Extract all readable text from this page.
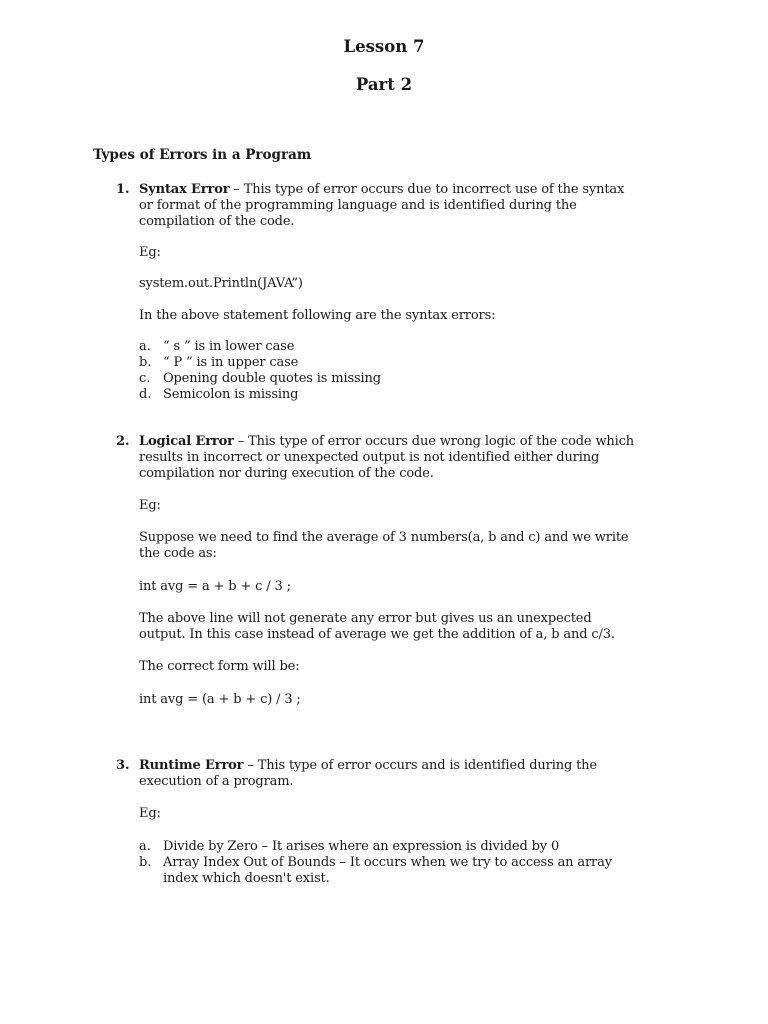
Lesson 7
Part 2
Types of Errors in a Program
1. Syntax Error – This type of error occurs due to incorrect use of the syntax
or format of the programming language and is identified during the
compilation of the code.
Eg:
system.out.Println(JAVA”)
In the above statement following are the syntax errors:
a. “ s ” is in lower case
b. “ P ” is in upper case
c. Opening double quotes is missing
d. Semicolon is missing
2. Logical Error – This type of error occurs due wrong logic of the code which
results in incorrect or unexpected output is not identified either during
compilation nor during execution of the code.
Eg:
Suppose we need to find the average of 3 numbers(a, b and c) and we write
the code as:
int avg = a + b + c / 3 ;
The above line will not generate any error but gives us an unexpected
output. In this case instead of average we get the addition of a, b and c/3.
The correct form will be:
int avg = (a + b + c) / 3 ;
3. Runtime Error – This type of error occurs and is identified during the
execution of a program.
Eg:
a. Divide by Zero – It arises where an expression is divided by 0
b. Array Index Out of Bounds – It occurs when we try to access an array
index which doesn't exist.
